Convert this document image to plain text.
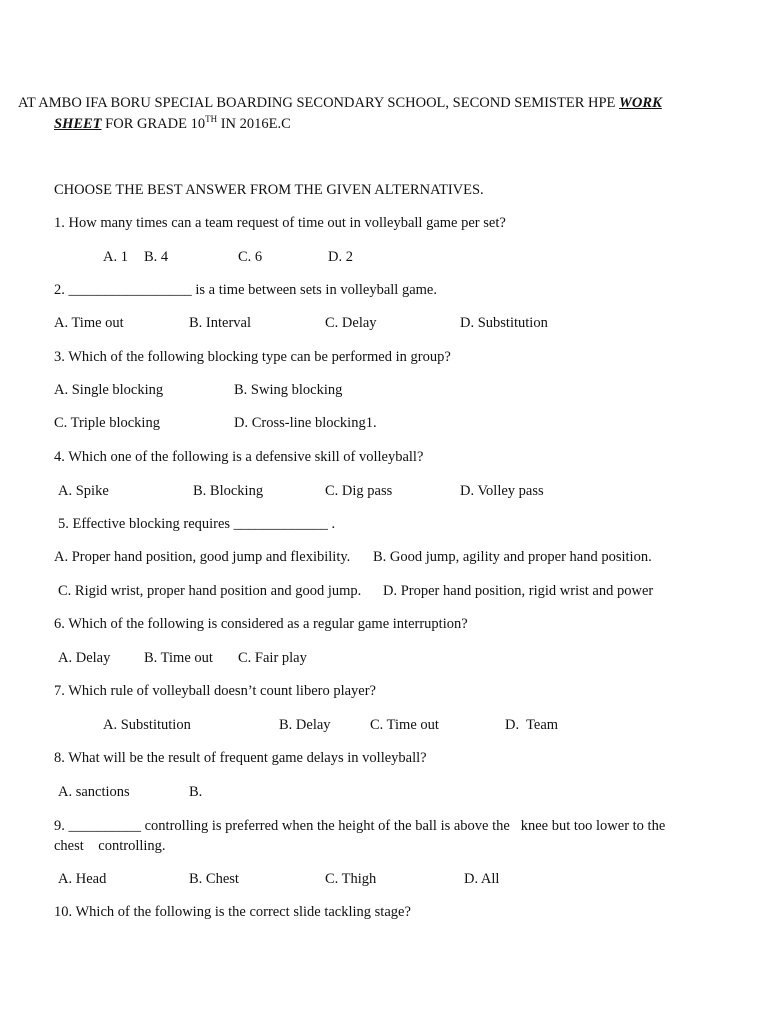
AT AMBO IFA BORU SPECIAL BOARDING SECONDARY SCHOOL, SECOND SEMISTER HPE WORK
SHEET FOR GRADE 10TH IN 2016E.C
CHOOSE THE BEST ANSWER FROM THE GIVEN ALTERNATIVES.
1. How many times can a team request of time out in volleyball game per set?
A. 1 B. 4	C. 6	D. 2
2. _________________ is a time between sets in volleyball game.
A. Time out	B. Interval	C. Delay	D. Substitution
3. Which of the following blocking type can be performed in group?
A. Single blocking	B. Swing blocking
C. Triple blocking	D. Cross-line blocking1.
4. Which one of the following is a defensive skill of volleyball?
A. Spike	B. Blocking	C. Dig pass	D. Volley pass
5. Effective blocking requires _____________ .
A. Proper hand position, good jump and flexibility. B. Good jump, agility and proper hand position.
C. Rigid wrist, proper hand position and good jump. D. Proper hand position, rigid wrist and power
6. Which of the following is considered as a regular game interruption?
A. Delay B. Time out C. Fair play
7. Which rule of volleyball doesn’t count libero player?
A. Substitution	B. Delay	C. Time out	D.  Team
8. What will be the result of frequent game delays in volleyball?
A. sanctions	B.
9. __________ controlling is preferred when the height of the ball is above the   knee but too lower to the
chest    controlling.
A. Head	B. Chest	C. Thigh	D. All
10. Which of the following is the correct slide tackling stage?
